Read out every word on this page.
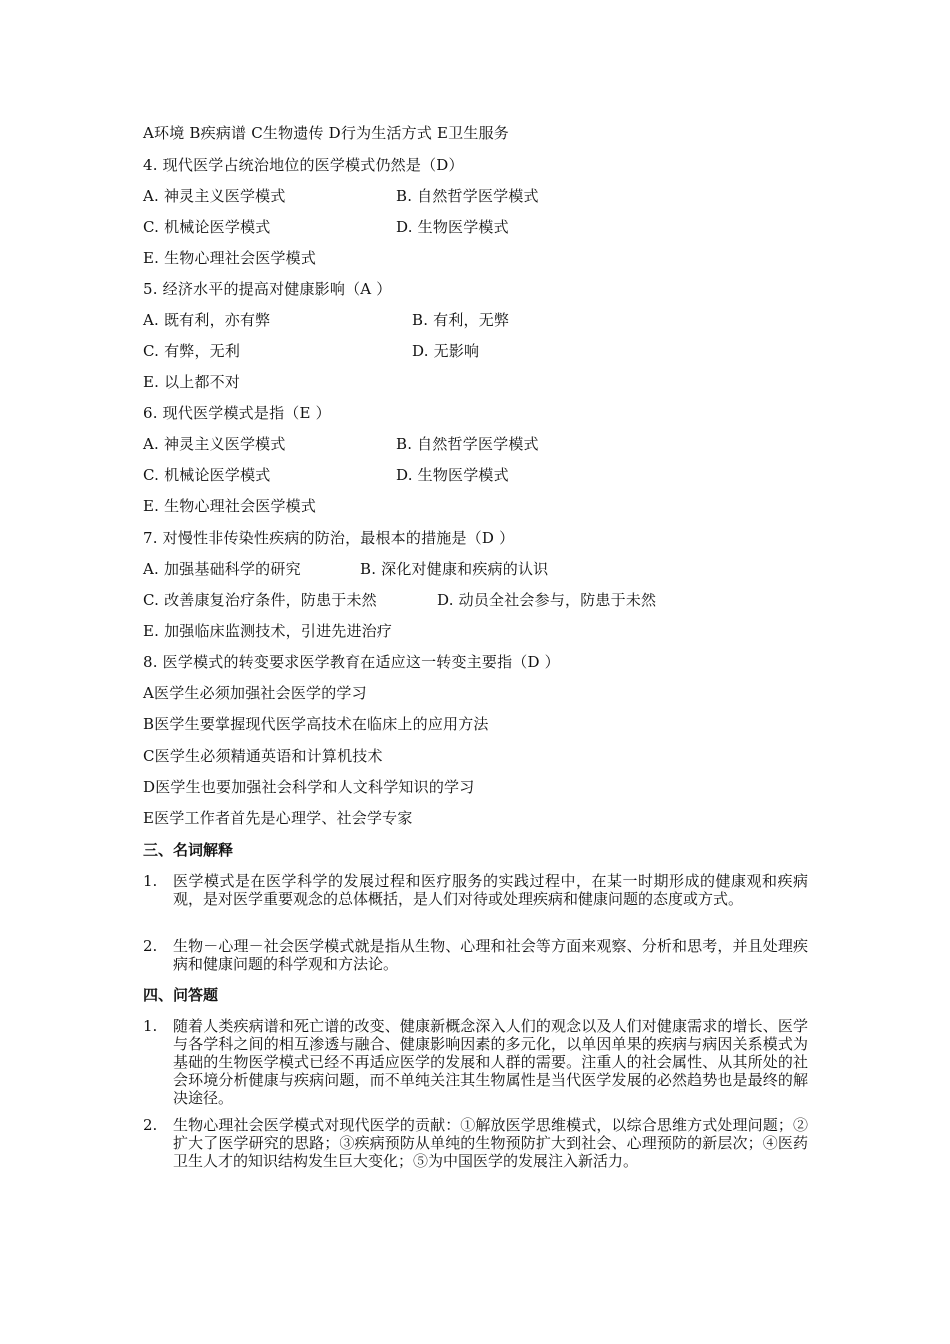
A环境 B疾病谱 C生物遗传 D行为生活方式 E卫生服务
4. 现代医学占统治地位的医学模式仍然是（D）
A. 神灵主义医学模式	B. 自然哲学医学模式
C. 机械论医学模式	D. 生物医学模式
E. 生物心理社会医学模式
5. 经济水平的提高对健康影响（A ）
A. 既有利，亦有弊	B. 有利，无弊
C. 有弊，无利	D. 无影响
E. 以上都不对
6. 现代医学模式是指（E ）
A. 神灵主义医学模式	B. 自然哲学医学模式
C. 机械论医学模式	D. 生物医学模式
E. 生物心理社会医学模式
7. 对慢性非传染性疾病的防治，最根本的措施是（D ）
A. 加强基础科学的研究	B. 深化对健康和疾病的认识
C. 改善康复治疗条件，防患于未然	D. 动员全社会参与，防患于未然
E. 加强临床监测技术，引进先进治疗
8. 医学模式的转变要求医学教育在适应这一转变主要指（D ）
A医学生必须加强社会医学的学习
B医学生要掌握现代医学高技术在临床上的应用方法
C医学生必须精通英语和计算机技术
D医学生也要加强社会科学和人文科学知识的学习
E医学工作者首先是心理学、社会学专家
三、名词解释
1.	医学模式是在医学科学的发展过程和医疗服务的实践过程中，在某一时期形成的健康观和疾病观，是对医学重要观念的总体概括，是人们对待或处理疾病和健康问题的态度或方式。
2.	生物－心理－社会医学模式就是指从生物、心理和社会等方面来观察、分析和思考，并且处理疾病和健康问题的科学观和方法论。
四、问答题
1.	随着人类疾病谱和死亡谱的改变、健康新概念深入人们的观念以及人们对健康需求的增长、医学与各学科之间的相互渗透与融合、健康影响因素的多元化，以单因单果的疾病与病因关系模式为基础的生物医学模式已经不再适应医学的发展和人群的需要。注重人的社会属性、从其所处的社会环境分析健康与疾病问题，而不单纯关注其生物属性是当代医学发展的必然趋势也是最终的解决途径。
2.	生物心理社会医学模式对现代医学的贡献：①解放医学思维模式，以综合思维方式处理问题；②扩大了医学研究的思路；③疾病预防从单纯的生物预防扩大到社会、心理预防的新层次；④医药卫生人才的知识结构发生巨大变化；⑤为中国医学的发展注入新活力。
